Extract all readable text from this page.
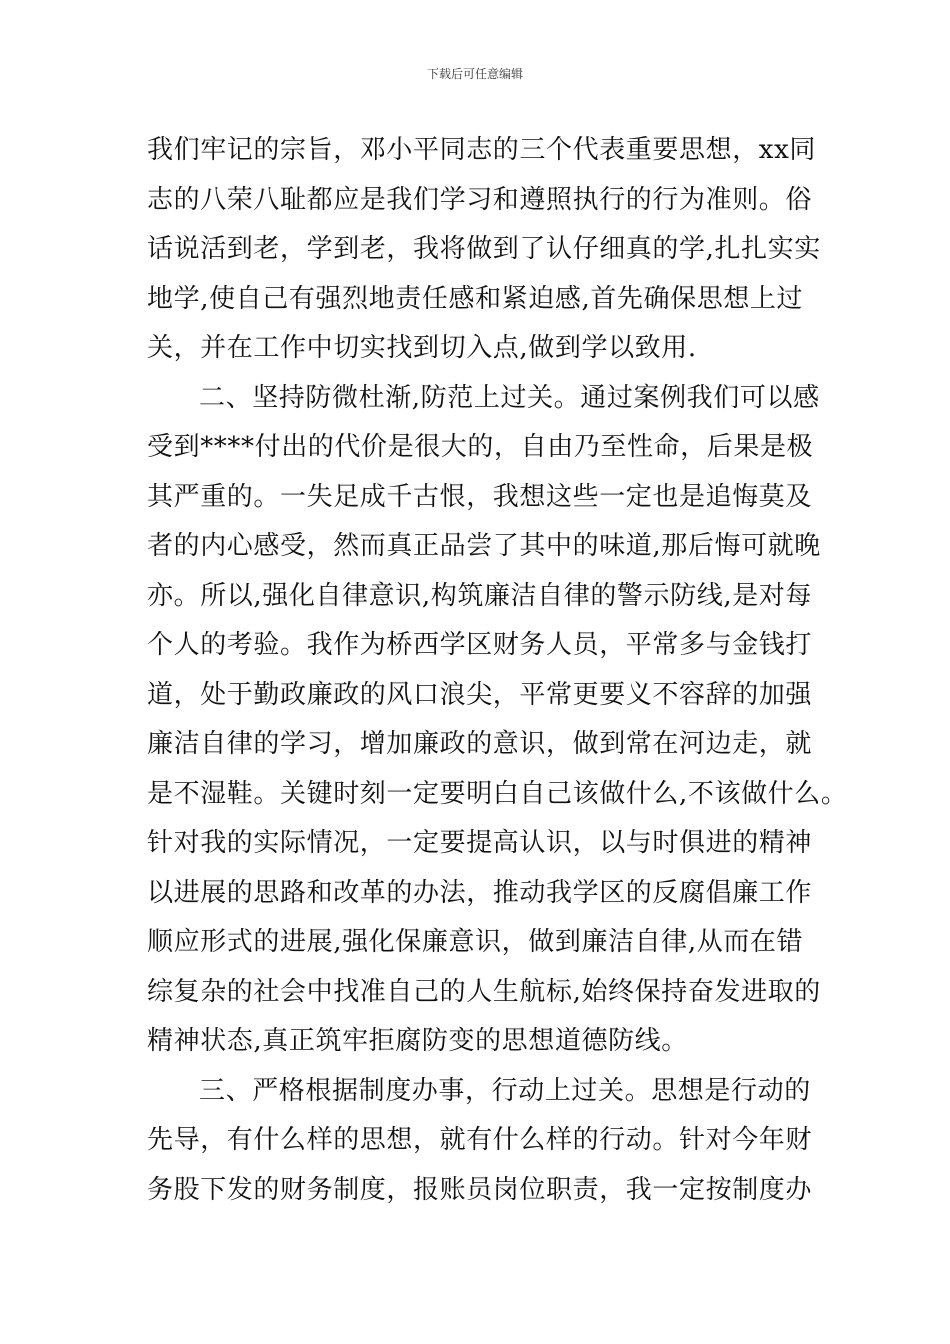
下载后可任意编辑
我们牢记的宗旨，邓小平同志的三个代表重要思想，xx同
志的八荣八耻都应是我们学习和遵照执行的行为准则。俗
话说活到老，学到老，我将做到了认仔细真的学,扎扎实实
地学,使自己有强烈地责任感和紧迫感,首先确保思想上过
关，并在工作中切实找到切入点,做到学以致用.
二、坚持防微杜渐,防范上过关。通过案例我们可以感
受到****付出的代价是很大的，自由乃至性命，后果是极
其严重的。一失足成千古恨，我想这些一定也是追悔莫及
者的内心感受，然而真正品尝了其中的味道,那后悔可就晚
亦。所以,强化自律意识,构筑廉洁自律的警示防线,是对每
个人的考验。我作为桥西学区财务人员，平常多与金钱打
道，处于勤政廉政的风口浪尖，平常更要义不容辞的加强
廉洁自律的学习，增加廉政的意识，做到常在河边走，就
是不湿鞋。关键时刻一定要明白自己该做什么,不该做什么。
针对我的实际情况，一定要提高认识，以与时俱进的精神
以进展的思路和改革的办法，推动我学区的反腐倡廉工作
顺应形式的进展,强化保廉意识，做到廉洁自律,从而在错
综复杂的社会中找准自己的人生航标,始终保持奋发进取的
精神状态,真正筑牢拒腐防变的思想道德防线。
三、严格根据制度办事，行动上过关。思想是行动的
先导，有什么样的思想，就有什么样的行动。针对今年财
务股下发的财务制度，报账员岗位职责，我一定按制度办
